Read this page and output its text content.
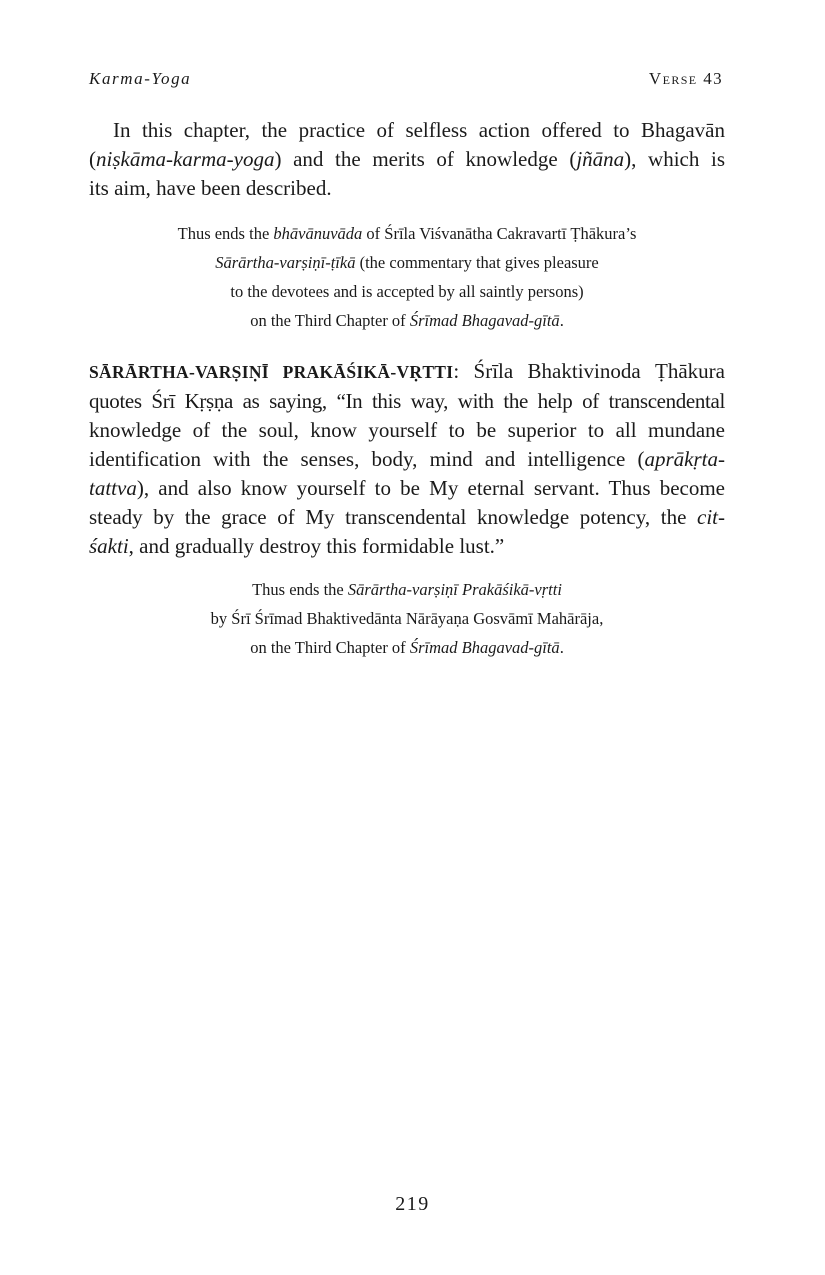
Karma-Yoga	Verse 43

In this chapter, the practice of selfless action offered to Bhagavān
(niṣkāma-karma-yoga) and the merits of knowledge (jñāna), which is
its aim, have been described.

Thus ends the bhāvānuvāda of Śrīla Viśvanātha Cakravartī Ṭhākura’s
Sārārtha-varṣiṇī-ṭīkā (the commentary that gives pleasure
to the devotees and is accepted by all saintly persons)
on the Third Chapter of Śrīmad Bhagavad-gītā.

SĀRĀRTHA-VARṢIṆĪ PRAKĀŚIKĀ-VṚTTI: Śrīla Bhaktivinoda Ṭhākura
quotes Śrī Kṛṣṇa as saying, “In this way, with the help of transcendental
knowledge of the soul, know yourself to be superior to all mundane
identification with the senses, body, mind and intelligence (aprākṛta-
tattva), and also know yourself to be My eternal servant. Thus become
steady by the grace of My transcendental knowledge potency, the cit-
śakti, and gradually destroy this formidable lust.”

Thus ends the Sārārtha-varṣiṇī Prakāśikā-vṛtti
by Śrī Śrīmad Bhaktivedānta Nārāyaṇa Gosvāmī Mahārāja,
on the Third Chapter of Śrīmad Bhagavad-gītā.

219
